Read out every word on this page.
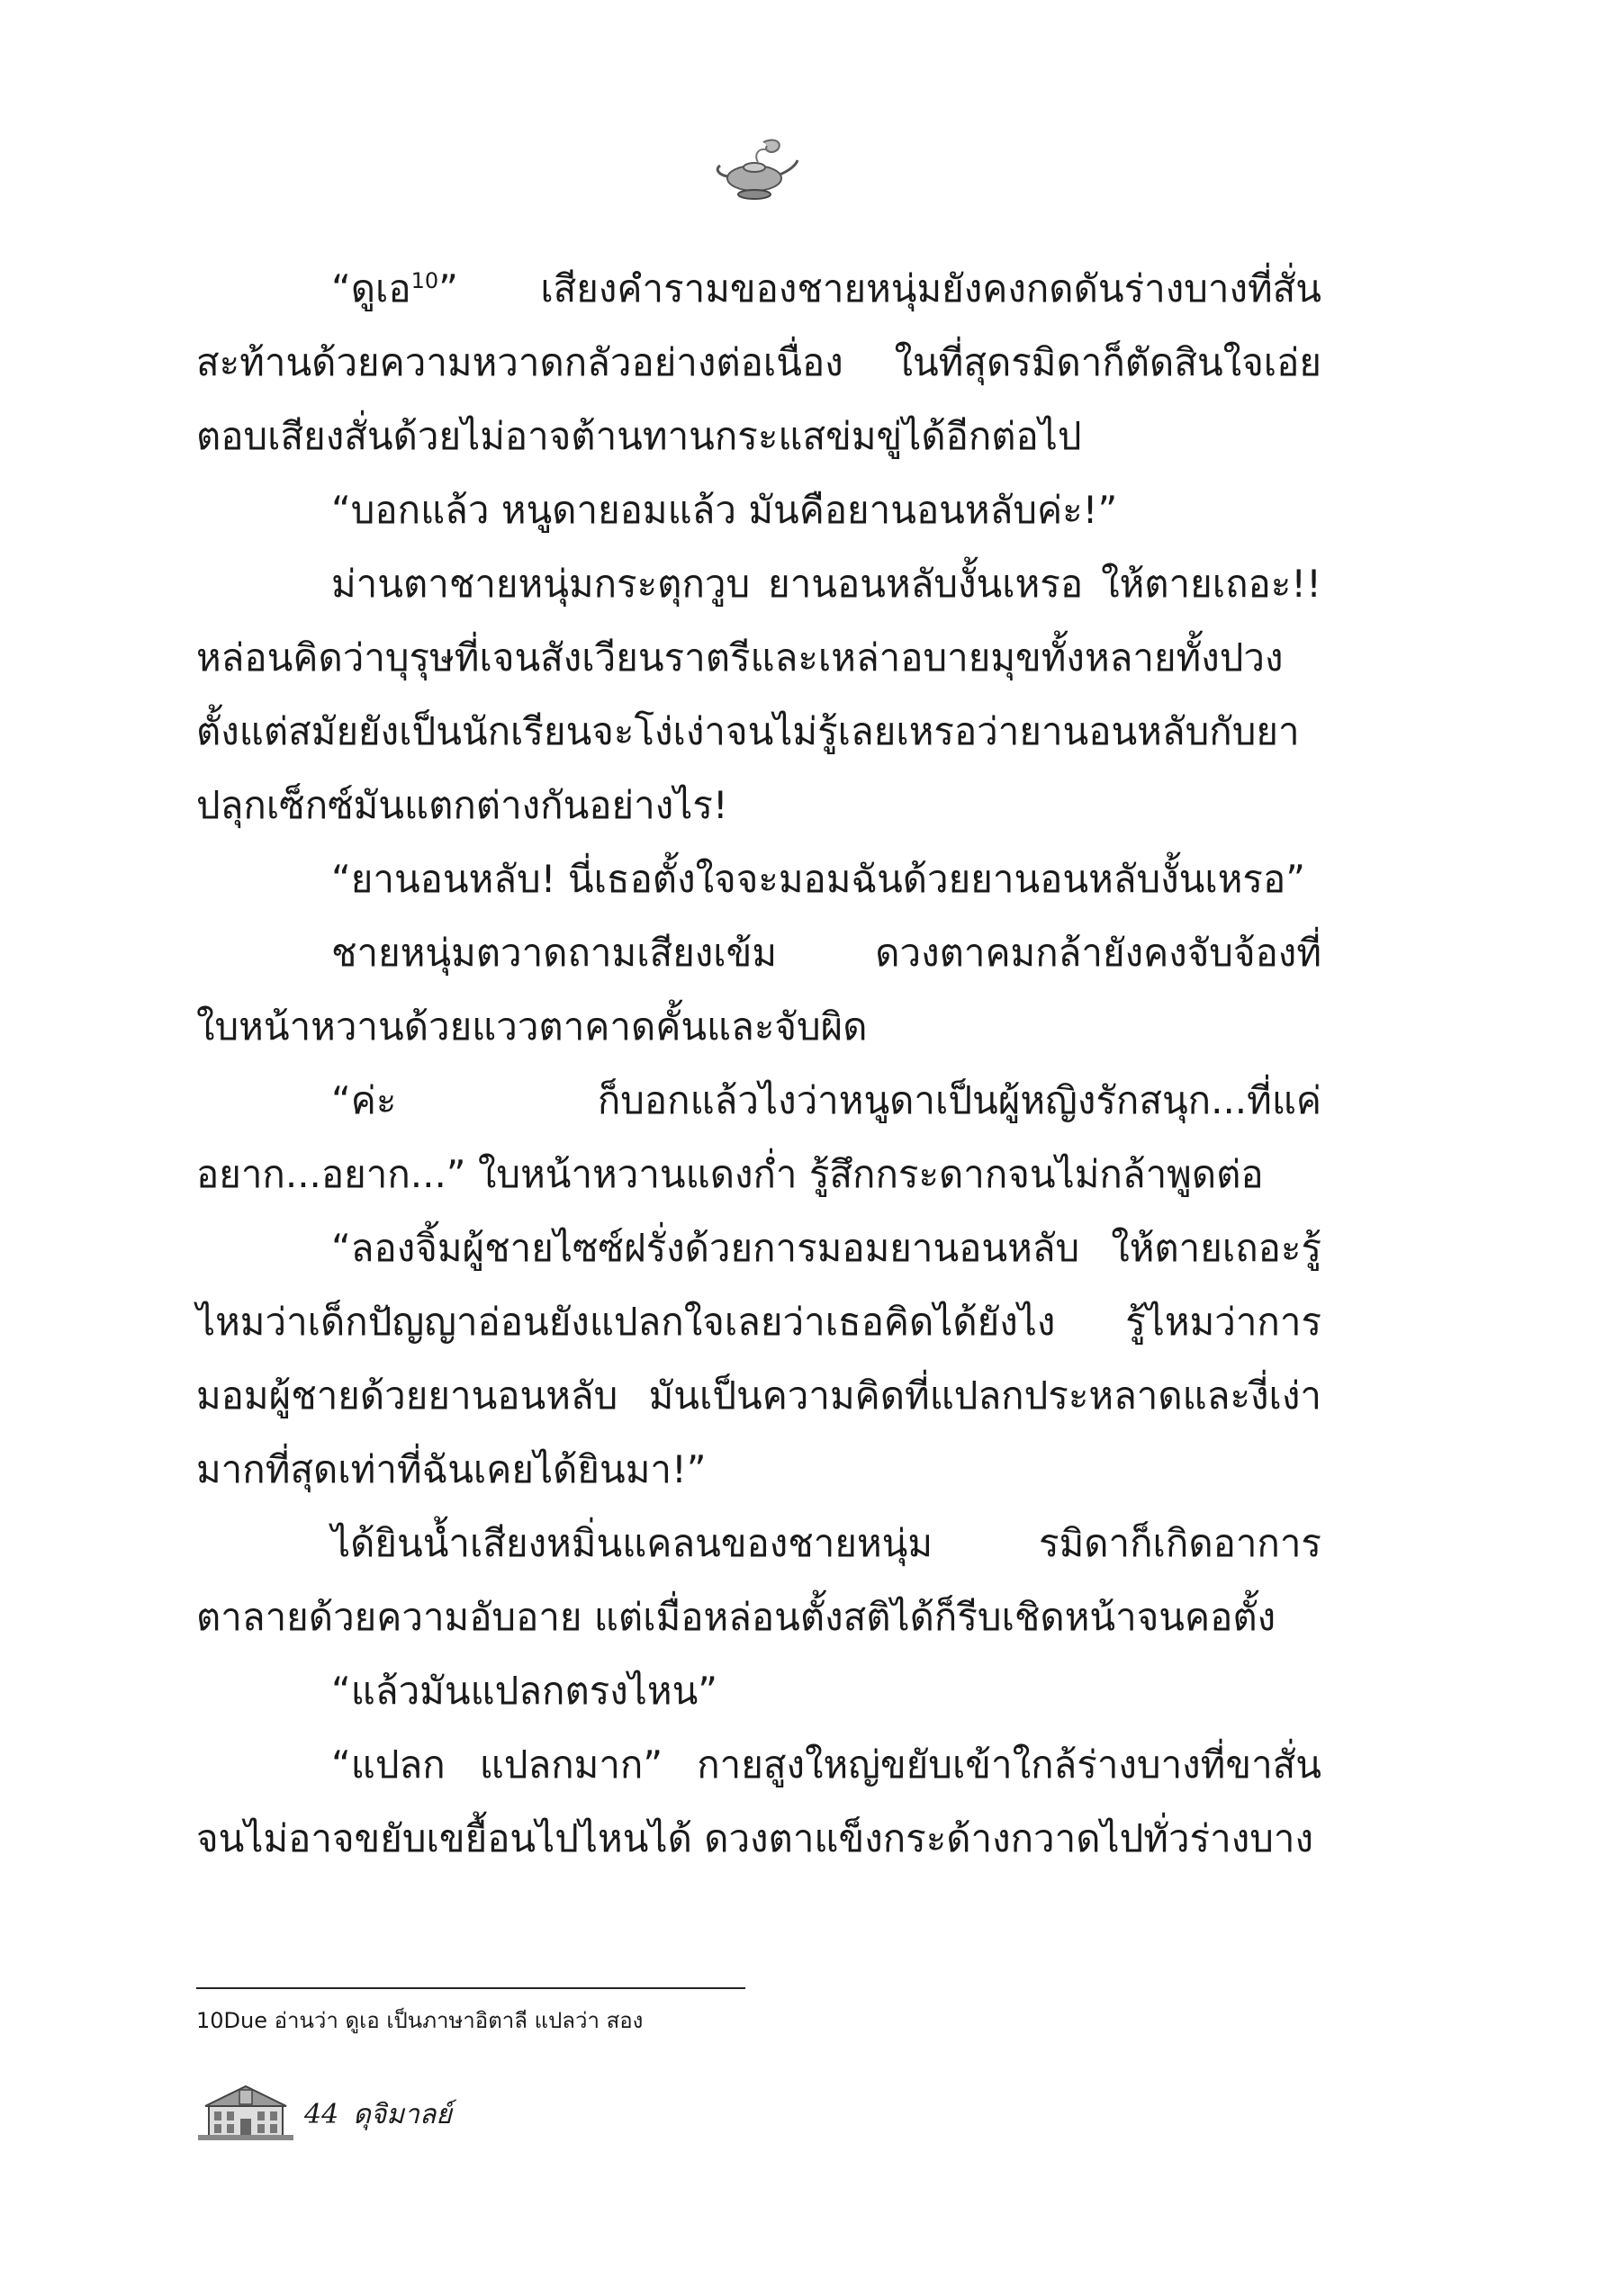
“ดูเอ$^{10}$” เสียงคำรามของชายหนุ่มยังคงกดดันร่างบางที่สั่นสะท้านด้วยความหวาดกลัวอย่างต่อเนื่อง ในที่สุดรมิดาก็ตัดสินใจเอ่ยตอบเสียงสั่นด้วยไม่อาจต้านทานกระแสข่มขู่ได้อีกต่อไป

“บอกแล้ว หนูดายอมแล้ว มันคือยานอนหลับค่ะ!”

ม่านตาชายหนุ่มกระตุกวูบ ยานอนหลับงั้นเหรอ ให้ตายเถอะ!! หล่อนคิดว่าบุรุษที่เจนสังเวียนราตรีและเหล่าอบายมุขทั้งหลายทั้งปวงตั้งแต่สมัยยังเป็นนักเรียนจะโง่เง่าจนไม่รู้เลยเหรอว่ายานอนหลับกับยาปลุกเซ็กซ์มันแตกต่างกันอย่างไร!

“ยานอนหลับ! นี่เธอตั้งใจจะมอมฉันด้วยยานอนหลับงั้นเหรอ”

ชายหนุ่มตวาดถามเสียงเข้ม ดวงตาคมกล้ายังคงจับจ้องที่ใบหน้าหวานด้วยแววตาคาดคั้นและจับผิด

“ค่ะ ก็บอกแล้วไงว่าหนูดาเป็นผู้หญิงรักสนุก...ที่แค่อยาก...อยาก...” ใบหน้าหวานแดงก่ำ รู้สึกกระดากจนไม่กล้าพูดต่อ

“ลองจิ้มผู้ชายไซซ์ฝรั่งด้วยการมอมยานอนหลับ ให้ตายเถอะรู้ไหมว่าเด็กปัญญาอ่อนยังแปลกใจเลยว่าเธอคิดได้ยังไง รู้ไหมว่าการมอมผู้ชายด้วยยานอนหลับ มันเป็นความคิดที่แปลกประหลาดและงี่เง่ามากที่สุดเท่าที่ฉันเคยได้ยินมา!”

ได้ยินน้ำเสียงหมิ่นแคลนของชายหนุ่ม รมิดาก็เกิดอาการตาลายด้วยความอับอาย แต่เมื่อหล่อนตั้งสติได้ก็รีบเชิดหน้าจนคอตั้ง

“แล้วมันแปลกตรงไหน”

“แปลก แปลกมาก” กายสูงใหญ่ขยับเข้าใกล้ร่างบางที่ขาสั่นจนไม่อาจขยับเขยื้อนไปไหนได้ ดวงตาแข็งกระด้างกวาดไปทั่วร่างบาง

10Due อ่านว่า ดูเอ เป็นภาษาอิตาลี แปลว่า สอง
44 ดุจิมาลย์
